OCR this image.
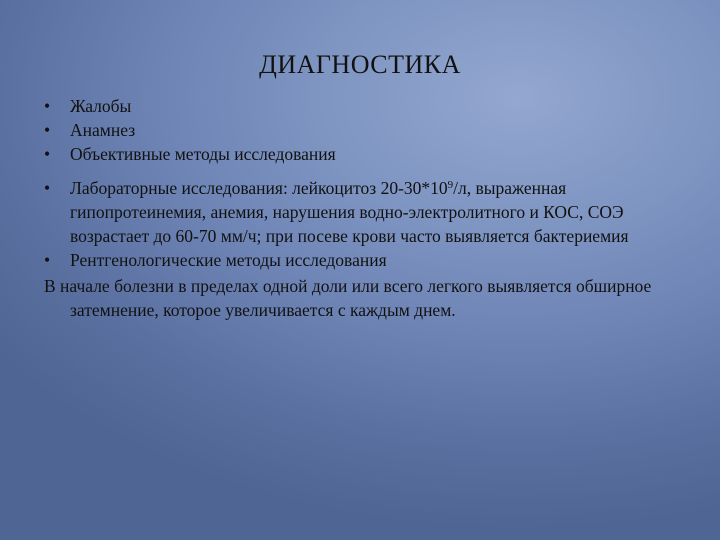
ДИАГНОСТИКА
•	Жалобы
•	Анамнез
•	Объективные методы исследования
•	Лабораторные исследования: лейкоцитоз $20-30*10^9/л$, выраженная гипопротеинемия, анемия, нарушения водно-электролитного и КОС, СОЭ возрастает до 60-70 мм/ч; при посеве крови часто выявляется бактериемия
•	Рентгенологические методы исследования
В начале болезни в пределах одной доли или всего легкого выявляется обширное затемнение, которое увеличивается с каждым днем.
